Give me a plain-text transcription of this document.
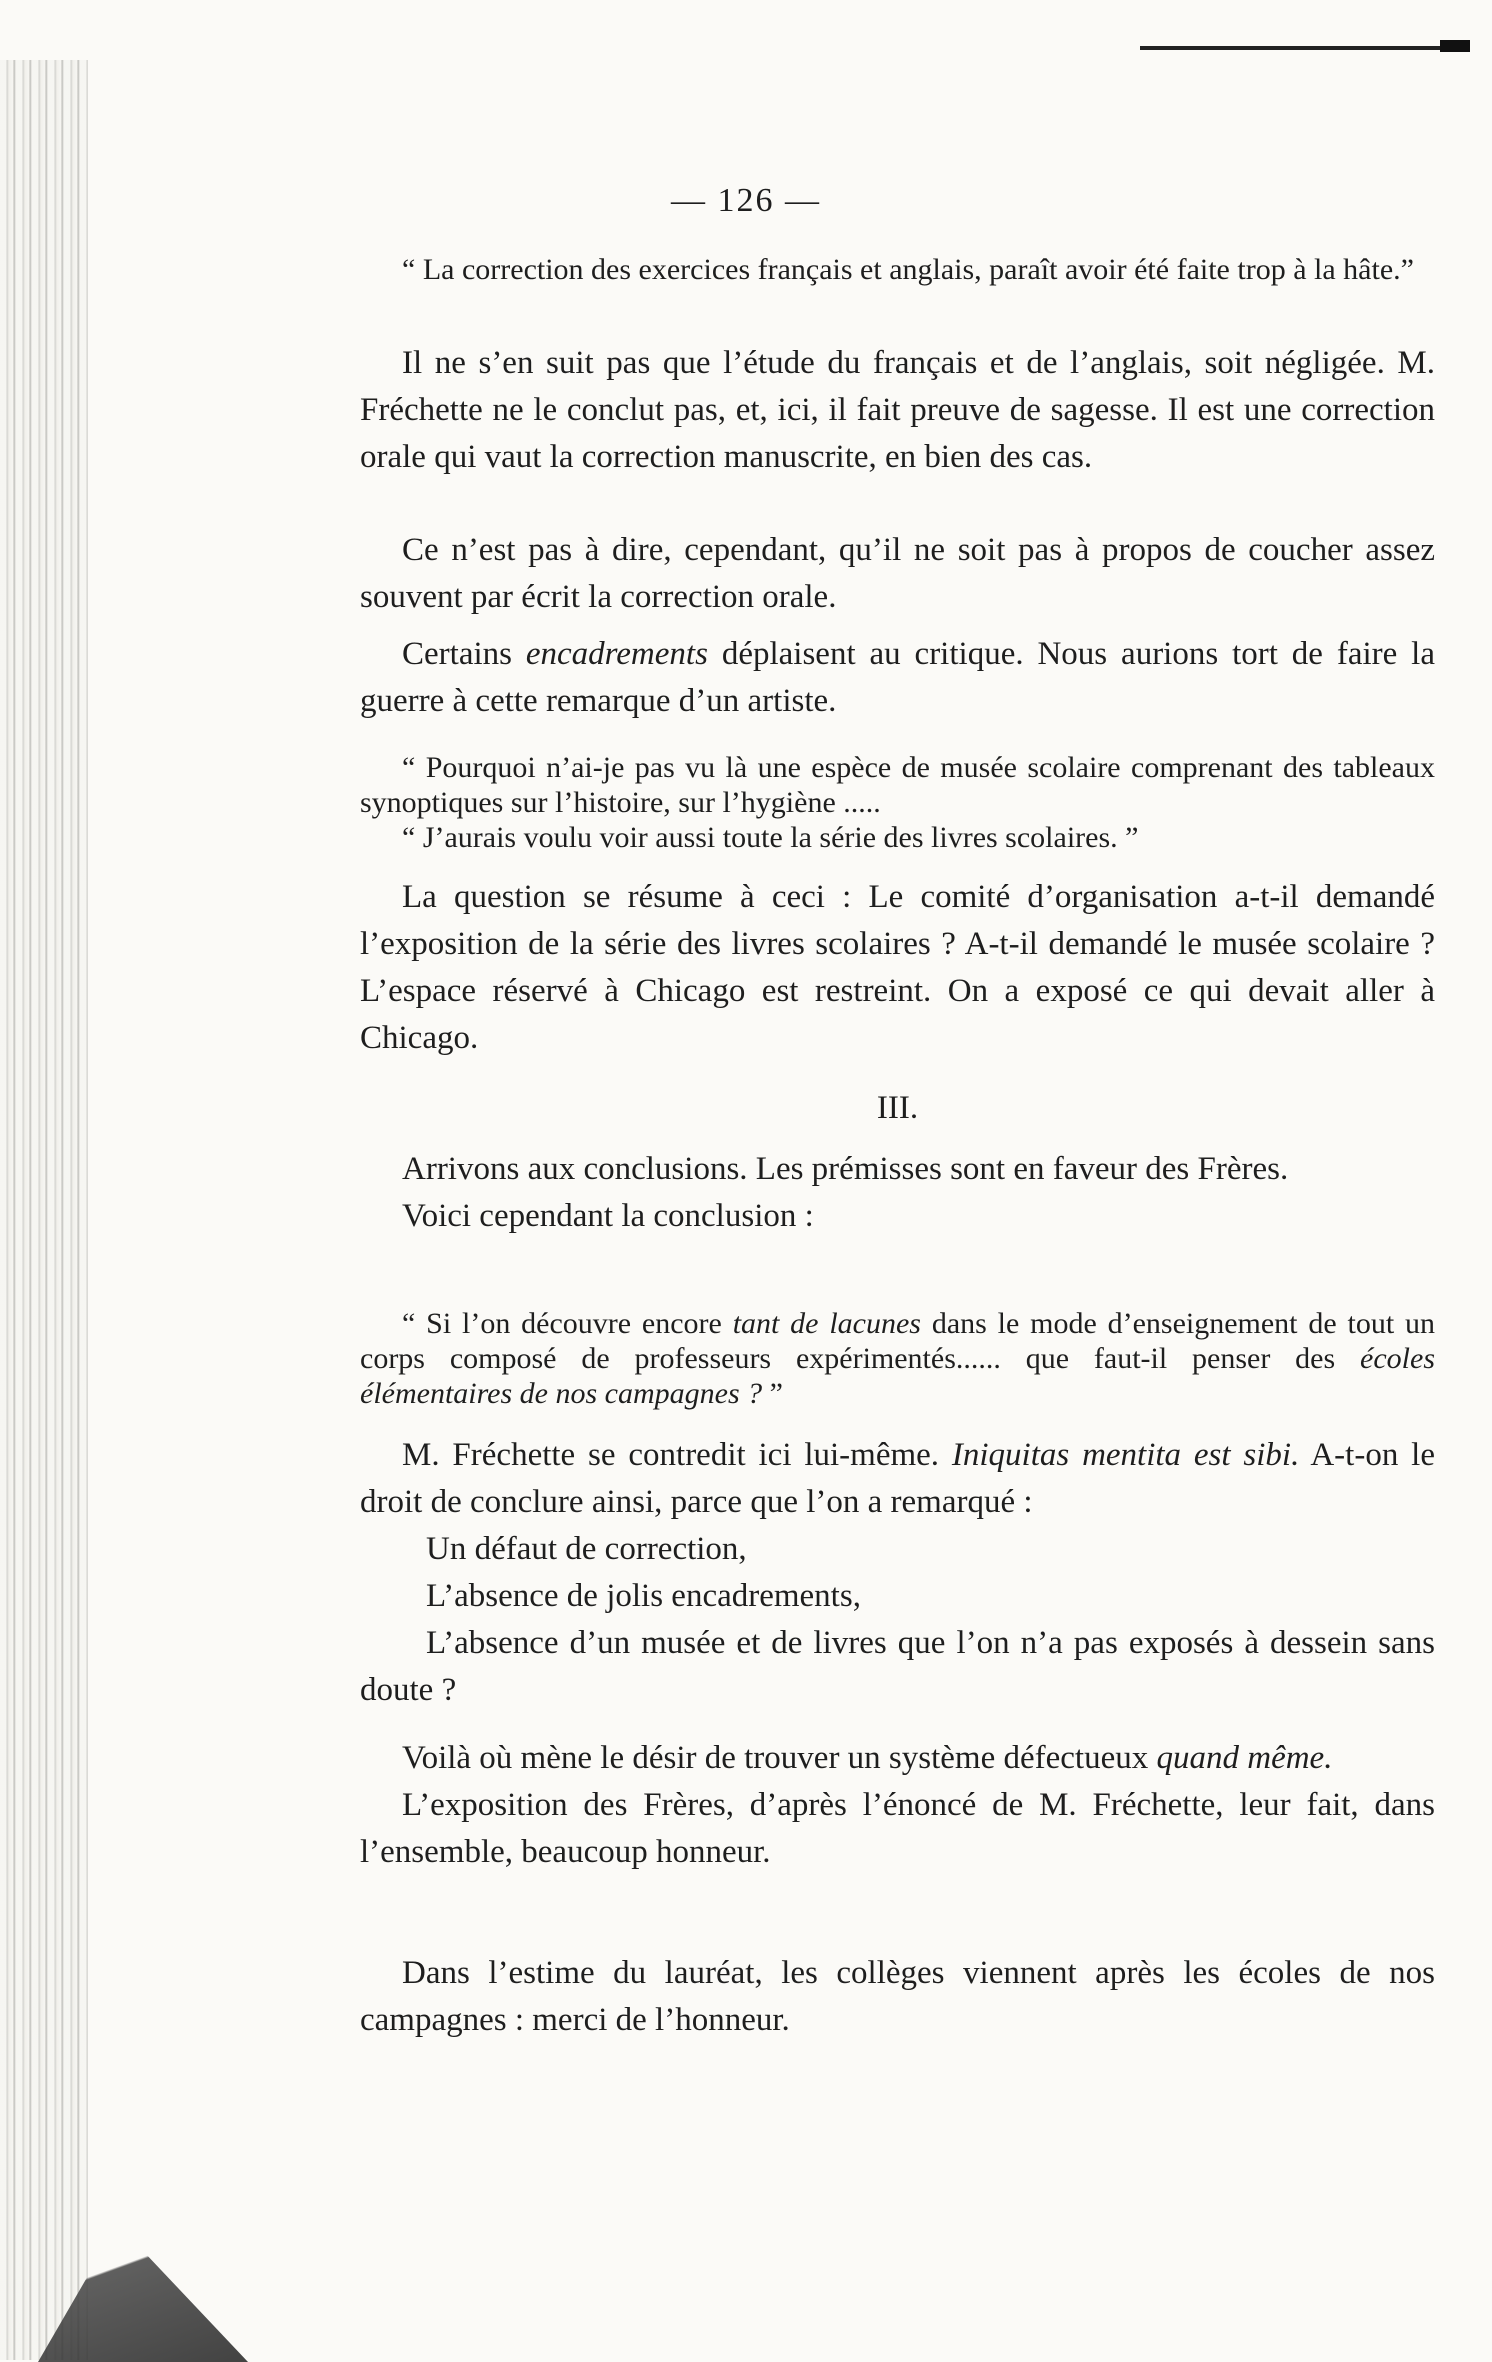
— 126 —

“ La correction des exercices français et anglais, paraît avoir été faite trop à la hâte.”

Il ne s’en suit pas que l’étude du français et de l’anglais, soit négligée. M. Fréchette ne le conclut pas, et, ici, il fait preuve de sagesse. Il est une correction orale qui vaut la correction manuscrite, en bien des cas.

Ce n’est pas à dire, cependant, qu’il ne soit pas à propos de coucher assez souvent par écrit la correction orale.

Certains encadrements déplaisent au critique. Nous aurions tort de faire la guerre à cette remarque d’un artiste.

“ Pourquoi n’ai-je pas vu là une espèce de musée scolaire comprenant des tableaux synoptiques sur l’histoire, sur l’hygiène .....

“ J’aurais voulu voir aussi toute la série des livres scolaires. ”

La question se résume à ceci : Le comité d’organisation a-t-il demandé l’exposition de la série des livres scolaires ? A-t-il demandé le musée scolaire ? L’espace réservé à Chicago est restreint. On a exposé ce qui devait aller à Chicago.

III.

Arrivons aux conclusions. Les prémisses sont en faveur des Frères.

Voici cependant la conclusion :

“ Si l’on découvre encore tant de lacunes dans le mode d’enseignement de tout un corps composé de professeurs expérimentés...... que faut-il penser des écoles élémentaires de nos campagnes ? ”

M. Fréchette se contredit ici lui-même. Iniquitas mentita est sibi. A-t-on le droit de conclure ainsi, parce que l’on a remarqué :

Un défaut de correction,

L’absence de jolis encadrements,

L’absence d’un musée et de livres que l’on n’a pas exposés à dessein sans doute ?

Voilà où mène le désir de trouver un système défectueux quand même.

L’exposition des Frères, d’après l’énoncé de M. Fréchette, leur fait, dans l’ensemble, beaucoup honneur.

Dans l’estime du lauréat, les collèges viennent après les écoles de nos campagnes : merci de l’honneur.
